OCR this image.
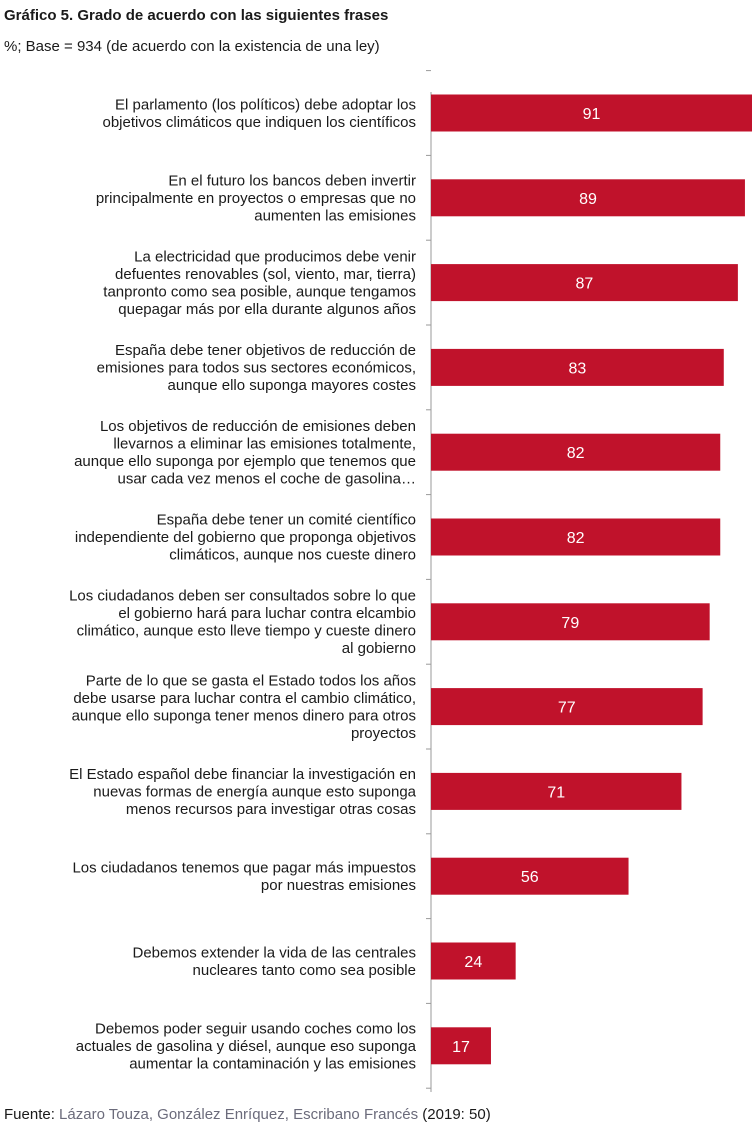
Gráfico 5. Grado de acuerdo con las siguientes frases

%; Base = 934 (de acuerdo con la existencia de una ley)

91
El parlamento (los políticos) debe adoptar los objetivos climáticos que indiquen los científicos
89
En el futuro los bancos deben invertir principalmente en proyectos o empresas que no aumenten las emisiones
87
La electricidad que producimos debe venir defuentes renovables (sol, viento, mar, tierra) tanpronto como sea posible, aunque tengamos quepagar más por ella durante algunos años
83
España debe tener objetivos de reducción de emisiones para todos sus sectores económicos, aunque ello suponga mayores costes
82
Los objetivos de reducción de emisiones deben llevarnos a eliminar las emisiones totalmente, aunque ello suponga por ejemplo que tenemos que usar cada vez menos el coche de gasolina…
82
España debe tener un comité científico independiente del gobierno que proponga objetivos climáticos, aunque nos cueste dinero
79
Los ciudadanos deben ser consultados sobre lo que el gobierno hará para luchar contra elcambio climático, aunque esto lleve tiempo y cueste dinero al gobierno
77
Parte de lo que se gasta el Estado todos los años debe usarse para luchar contra el cambio climático, aunque ello suponga tener menos dinero para otros proyectos
71
El Estado español debe financiar la investigación en nuevas formas de energía aunque esto suponga menos recursos para investigar otras cosas
56
Los ciudadanos tenemos que pagar más impuestos por nuestras emisiones
24
Debemos extender la vida de las centrales nucleares tanto como sea posible
17
Debemos poder seguir usando coches como los actuales de gasolina y diésel, aunque eso suponga aumentar la contaminación y las emisiones
Fuente: Lázaro Touza, González Enríquez, Escribano Francés (2019: 50)
